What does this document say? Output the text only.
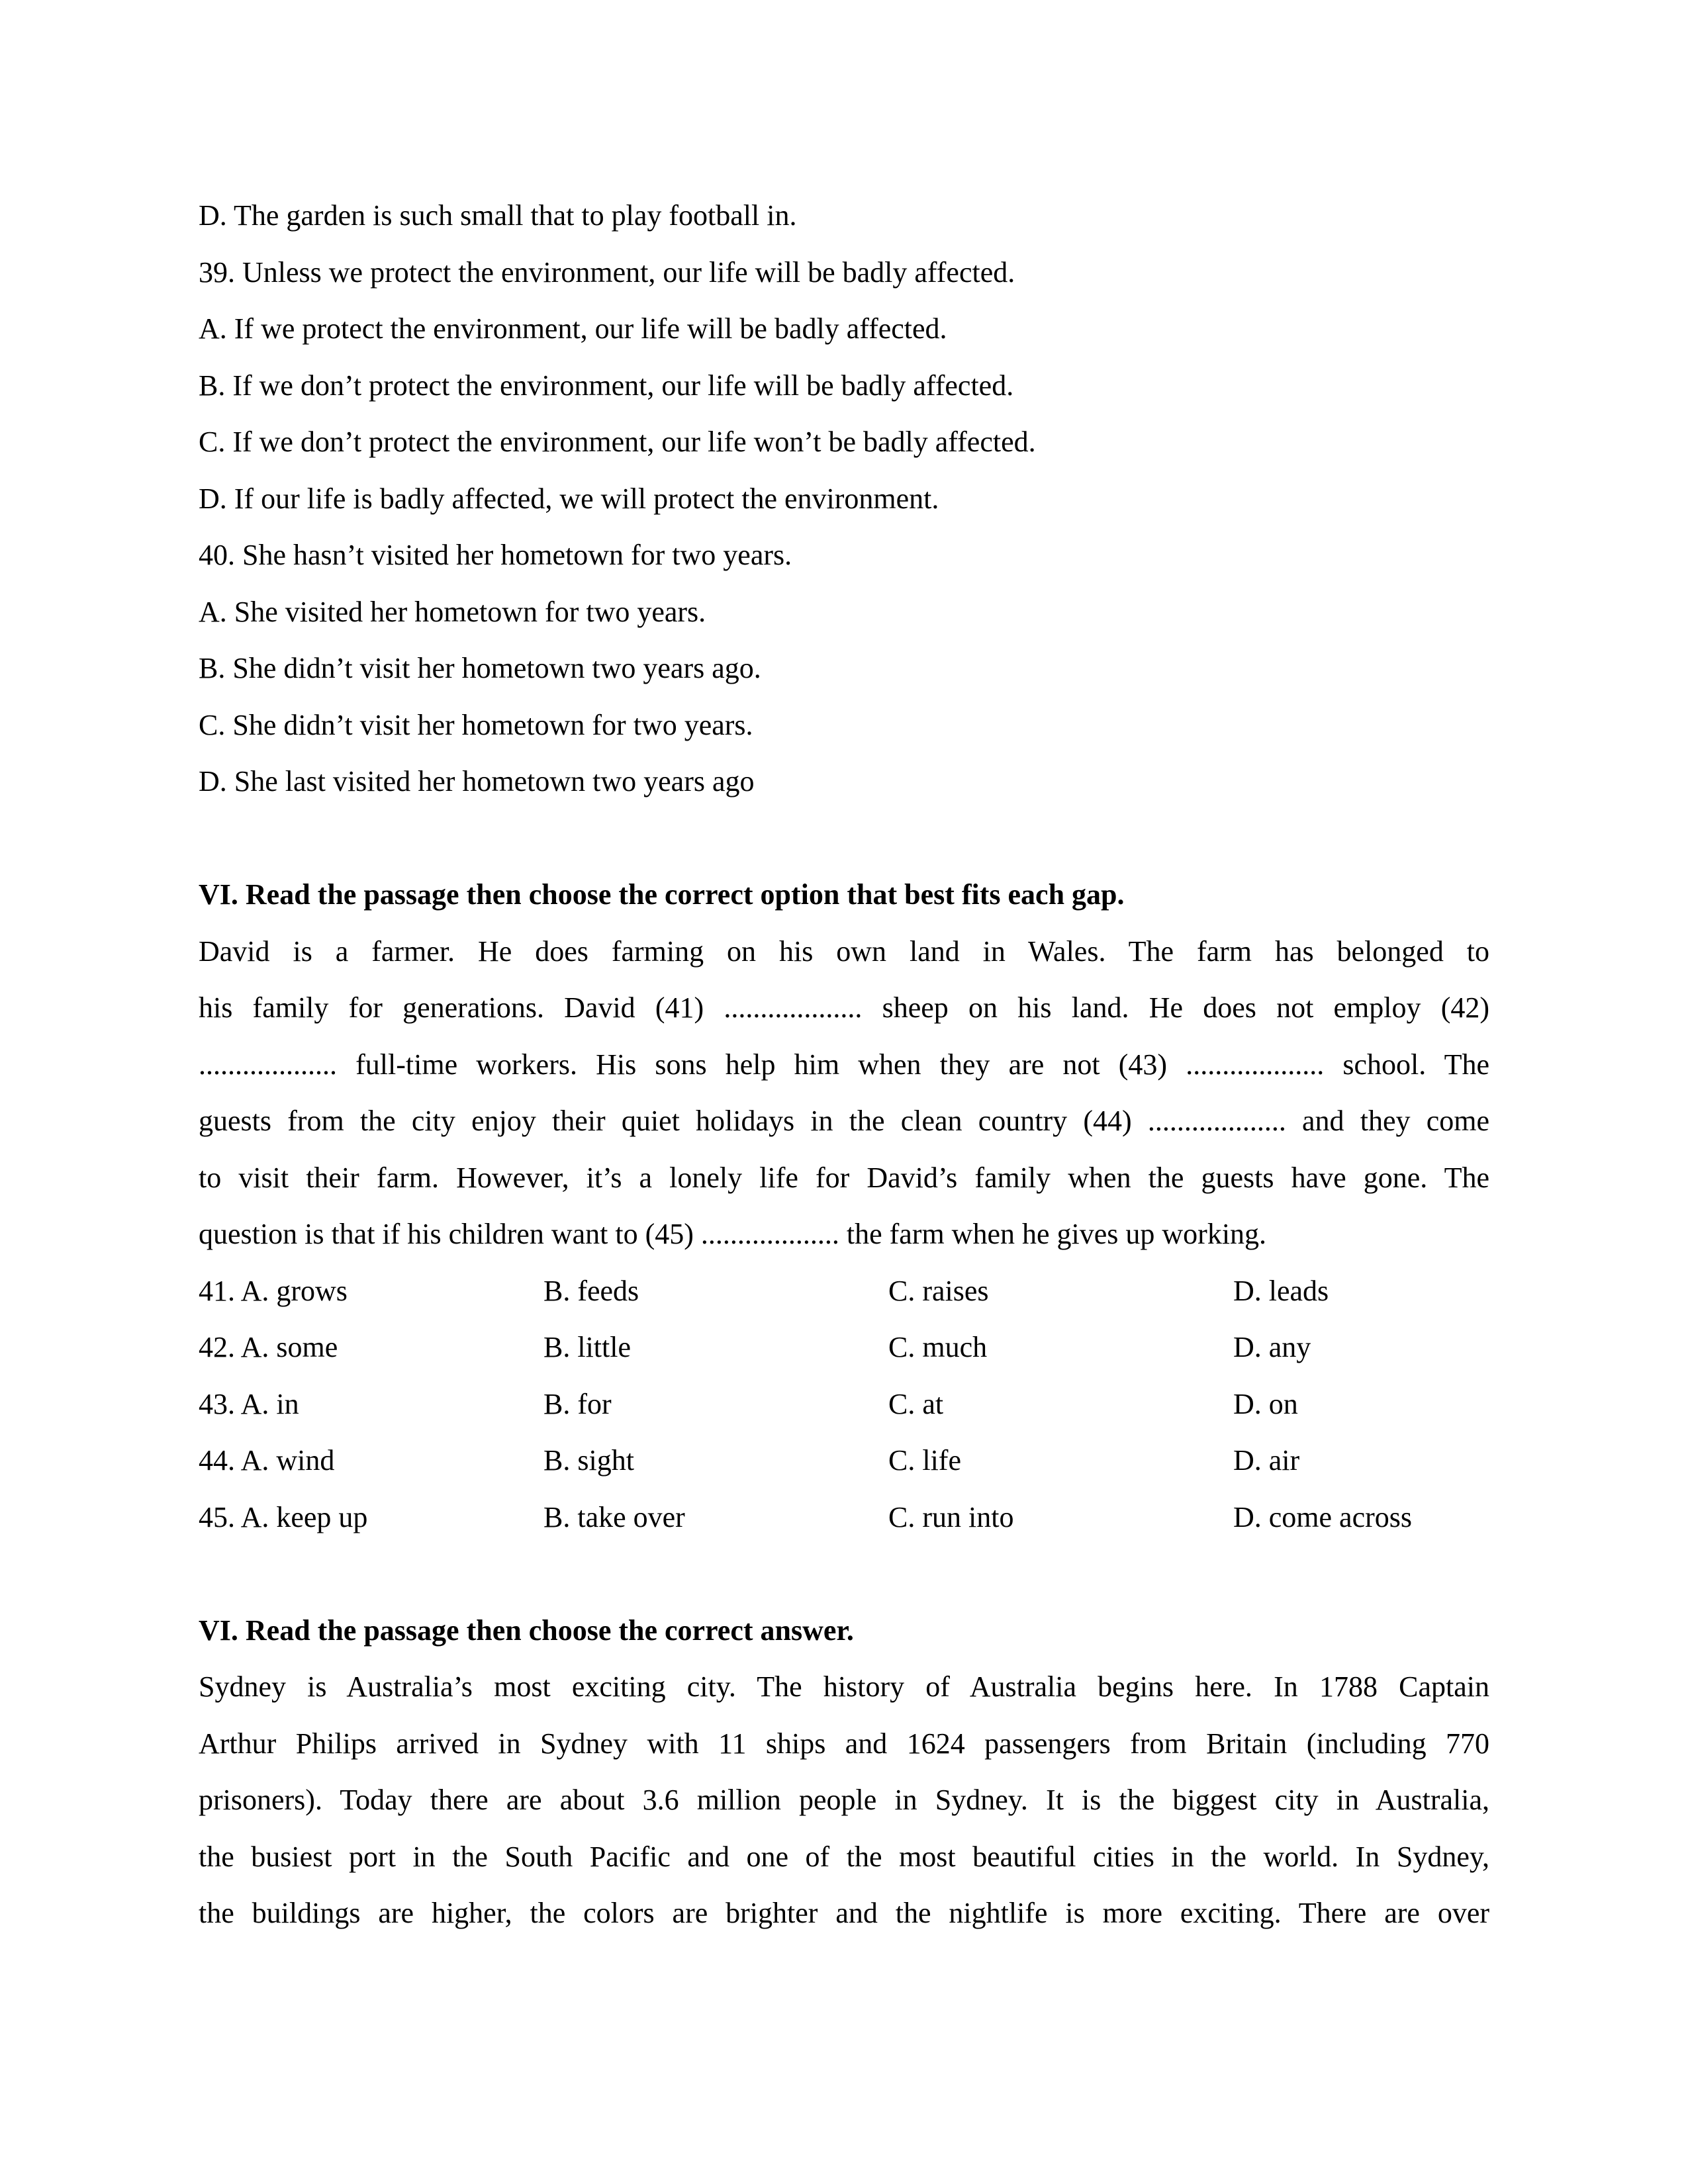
D. The garden is such small that to play football in.
39. Unless we protect the environment, our life will be badly affected.
A. If we protect the environment, our life will be badly affected.
B. If we don’t protect the environment, our life will be badly affected.
C. If we don’t protect the environment, our life won’t be badly affected.
D. If our life is badly affected, we will protect the environment.
40. She hasn’t visited her hometown for two years.
A. She visited her hometown for two years.
B. She didn’t visit her hometown two years ago.
C. She didn’t visit her hometown for two years.
D. She last visited her hometown two years ago
VI. Read the passage then choose the correct option that best fits each gap.
David is a farmer. He does farming on his own land in Wales. The farm has belonged to
his family for generations. David (41) ................... sheep on his land. He does not employ (42)
................... full-time workers. His sons help him when they are not (43) ................... school. The
guests from the city enjoy their quiet holidays in the clean country (44) ................... and they come
to visit their farm. However, it’s a lonely life for David’s family when the guests have gone. The
question is that if his children want to (45) ................... the farm when he gives up working.
41. A. grows	B. feeds	C. raises	D. leads
42. A. some	B. little	C. much	D. any
43. A. in	B. for	C. at	D. on
44. A. wind	B. sight	C. life	D. air
45. A. keep up	B. take over	C. run into	D. come across
VI. Read the passage then choose the correct answer.
Sydney is Australia’s most exciting city. The history of Australia begins here. In 1788 Captain
Arthur Philips arrived in Sydney with 11 ships and 1624 passengers from Britain (including 770
prisoners). Today there are about 3.6 million people in Sydney. It is the biggest city in Australia,
the busiest port in the South Pacific and one of the most beautiful cities in the world. In Sydney,
the buildings are higher, the colors are brighter and the nightlife is more exciting. There are over
